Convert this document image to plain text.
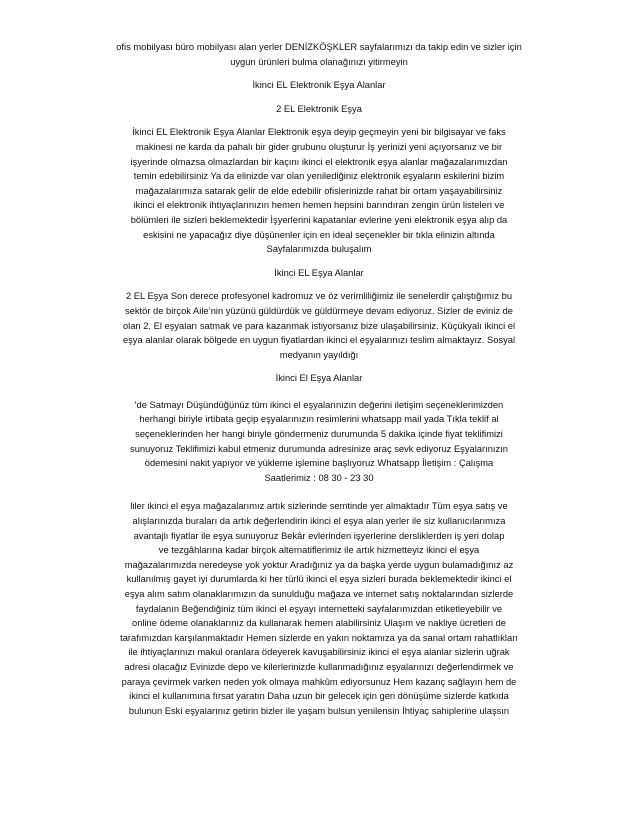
ofis mobilyası büro mobilyası alan yerler DENİZKÖŞKLER sayfalarımızı da takip edin ve sizler için

uygun ürünleri bulma olanağınızı yitirmeyin

İkinci EL Elektronik Eşya Alanlar

2 EL Elektronik Eşya

İkinci EL Elektronik Eşya Alanlar Elektronik eşya deyip geçmeyin yeni bir bilgisayar ve faks

makinesi ne karda da pahalı bir gider grubunu oluşturur İş yerinizi yeni açıyorsanız ve bir

işyerinde olmazsa olmazlardan bir kaçını ikinci el elektronik eşya alanlar mağazalarımızdan

temin edebilirsiniz Ya da elinizde var olan yenilediğiniz elektronik eşyaların eskilerini bizim

mağazalarımıza satarak gelir de elde edebilir ofislerinizde rahat bir ortam yaşayabilirsiniz

ikinci el elektronik ihtiyaçlarınızın hemen hemen hepsini barındıran zengin ürün listeleri ve

bölümleri ile sizleri beklemektedir İşyerlerini kapatanlar evlerine yeni elektronik eşya alıp da

eskisini ne yapacağız diye düşünenler için en ideal seçenekler bir tıkla elinizin altında

Sayfalarımızda buluşalım

İkinci EL Eşya Alanlar

2 EL Eşya Son derece profesyonel kadromuz ve öz verimliliğimiz ile senelerdir çalıştığımız bu

sektör de birçok Aile’nin yüzünü güldürdük ve güldürmeye devam ediyoruz. Sizler de eviniz de

olan 2. El eşyaları satmak ve para kazanmak istiyorsanız bize ulaşabilirsiniz. Küçükyalı ikinci el

eşya alanlar olarak bölgede en uygun fiyatlardan ikinci el eşyalarınızı teslim almaktayız. Sosyal

medyanın yayıldığı

İkinci El Eşya Alanlar

'de Satmayı Düşündüğünüz tüm ikinci el eşyalarınızın değerini iletişim seçeneklerimizden

herhangi biriyle irtibata geçip eşyalarınızın resimlerini whatsapp mail yada Tıkla teklif al

seçeneklerinden her hangi biriyle göndermeniz durumunda 5 dakika içinde fiyat teklifimizi

sunuyoruz Teklifimizi kabul etmeniz durumunda adresinize araç sevk ediyoruz Eşyalarınızın

ödemesini nakit yapıyor ve yükleme işlemine başlıyoruz Whatsapp İletişim : Çalışma

Saatlerimiz : 08 30 - 23 30

liler ikinci el eşya mağazalarımız artık sizlerinde semtinde yer almaktadır Tüm eşya satış ve

alışlarınızda buraları da artık değerlendirin ikinci el eşya alan yerler ile siz kullanıcılarımıza

avantajlı fiyatlar ile eşya sunuyoruz Bekâr evlerinden işyerlerine dersliklerden iş yeri dolap

ve tezgâhlarına kadar birçok alternatiflerimiz ile artık hizmetteyiz ikinci el eşya

mağazalarımızda neredeyse yok yoktur Aradığınız ya da başka yerde uygun bulamadığınız az

kullanılmış gayet iyi durumlarda ki her türlü ikinci el eşya sizleri burada beklemektedir ikinci el

eşya alım satım olanaklarımızın da sunulduğu mağaza ve internet satış noktalarından sizlerde

faydalanın Beğendiğiniz tüm ikinci el eşyayı internetteki sayfalarımızdan etiketleyebilir ve

online ödeme olanaklarınız da kullanarak hemen alabilirsiniz Ulaşım ve nakliye ücretleri de

tarafımızdan karşılanmaktadır Hemen sizlerde en yakın noktamıza ya da sanal ortam rahatlıkları

ile ihtiyaçlarınızı makul oranlara ödeyerek kavuşabilirsiniz ikinci el eşya alanlar sizlerin uğrak

adresi olacağız Evinizde depo ve kilerlerinizde kullanmadığınız eşyalarınızı değerlendirmek ve

paraya çevirmek varken neden yok olmaya mahkûm ediyorsunuz Hem kazanç sağlayın hem de

ikinci el kullanımına fırsat yaratın Daha uzun bir gelecek için geri dönüşüme sizlerde katkıda

bulunun Eski eşyalarınız getirin bizler ile yaşam bulsun yenilensin İhtiyaç sahiplerine ulaşsın
